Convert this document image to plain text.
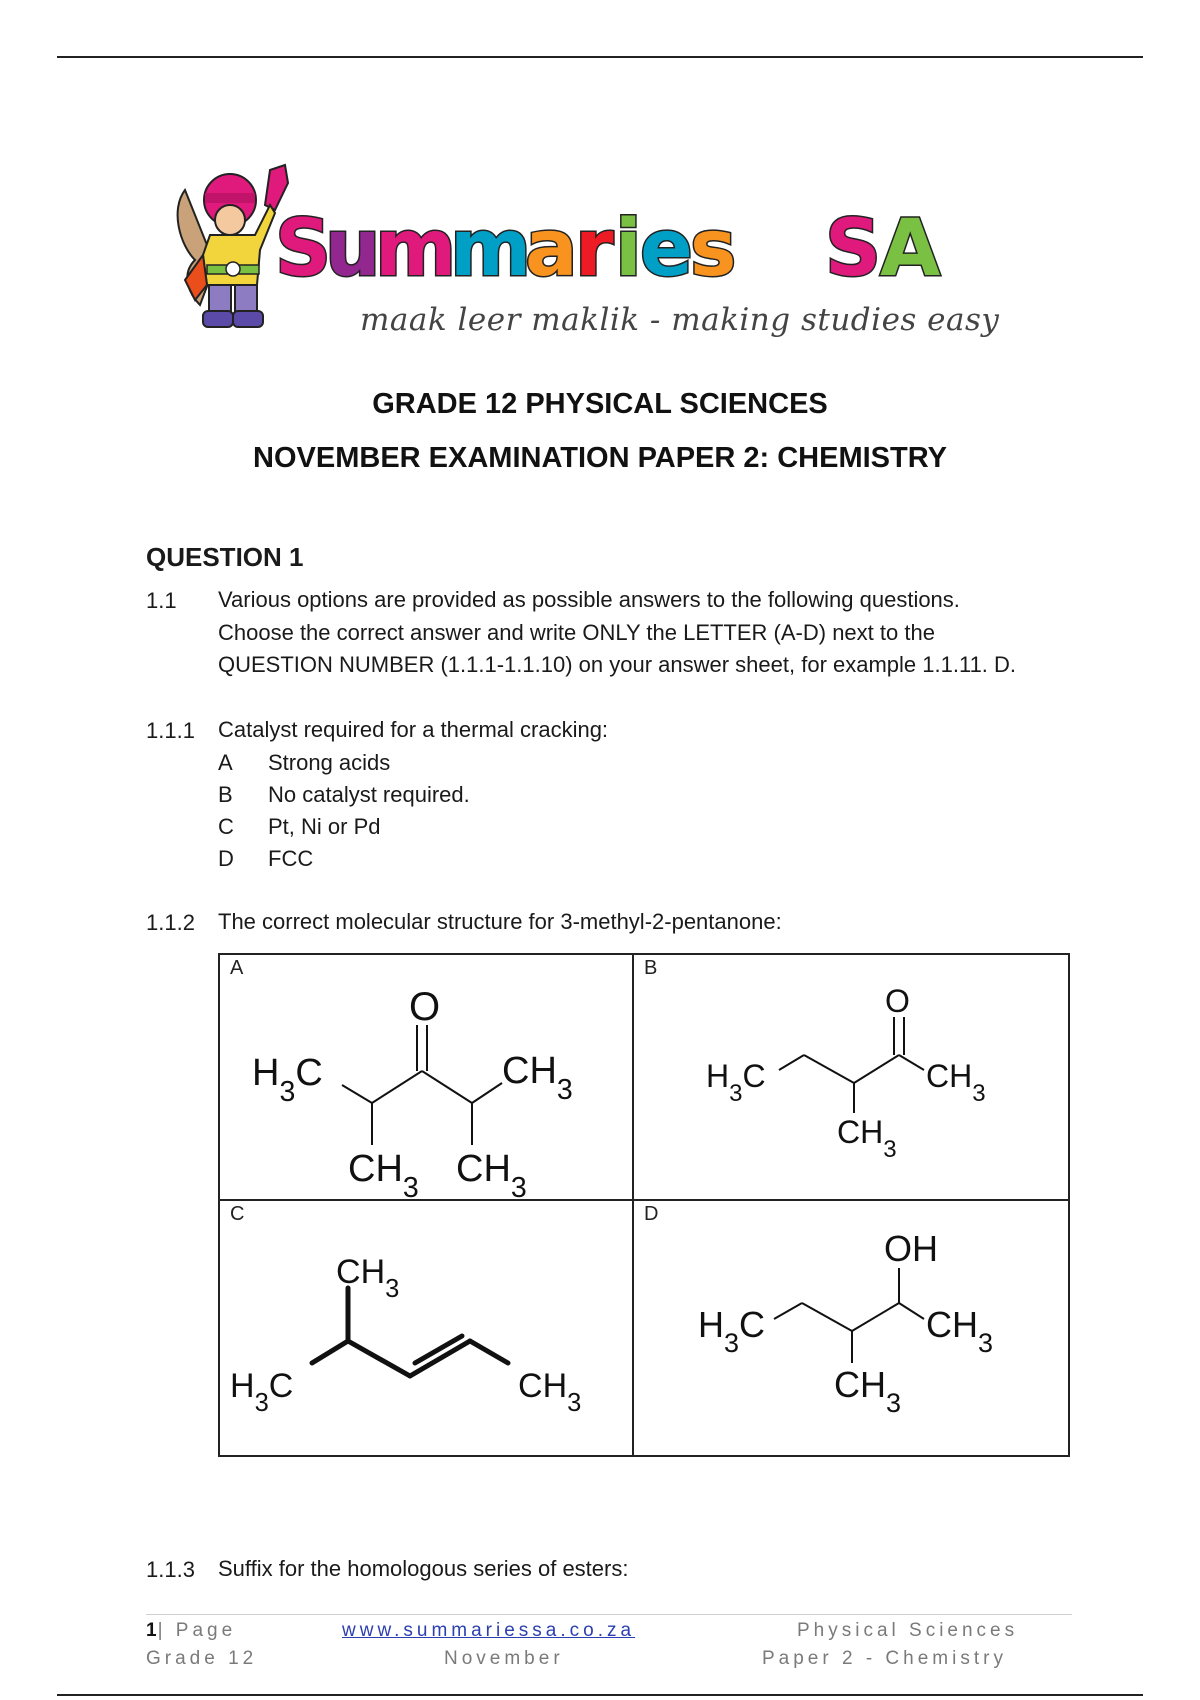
S
u
m
m
a
r i
e
s S
A
maak leer maklik - making studies easy
GRADE 12 PHYSICAL SCIENCES
NOVEMBER EXAMINATION PAPER 2: CHEMISTRY
QUESTION 1
1.1 Various options are provided as possible answers to the following questions.
Choose the correct answer and write ONLY the LETTER (A-D) next to the
QUESTION NUMBER (1.1.1-1.1.10) on your answer sheet, for example 1.1.11. D.
1.1.1 Catalyst required for a thermal cracking:
A Strong acids
B No catalyst required.
C Pt, Ni or Pd
D FCC
1.1.2 The correct molecular structure for 3-methyl-2-pentanone:
A
O
$H_3C$	$CH_3$
$CH_3$ $CH_3$
B
O
$H_3C$	$CH_3$
$CH_3$
C
$CH_3$
$H_3C$	$CH_3$
D
OH
$H_3C$	$CH_3$
$CH_3$
1.1.3 Suffix for the homologous series of esters:
1| Page
Grade 12
www.summariessa.co.za
November
Physical Sciences
Paper 2 - Chemistry
